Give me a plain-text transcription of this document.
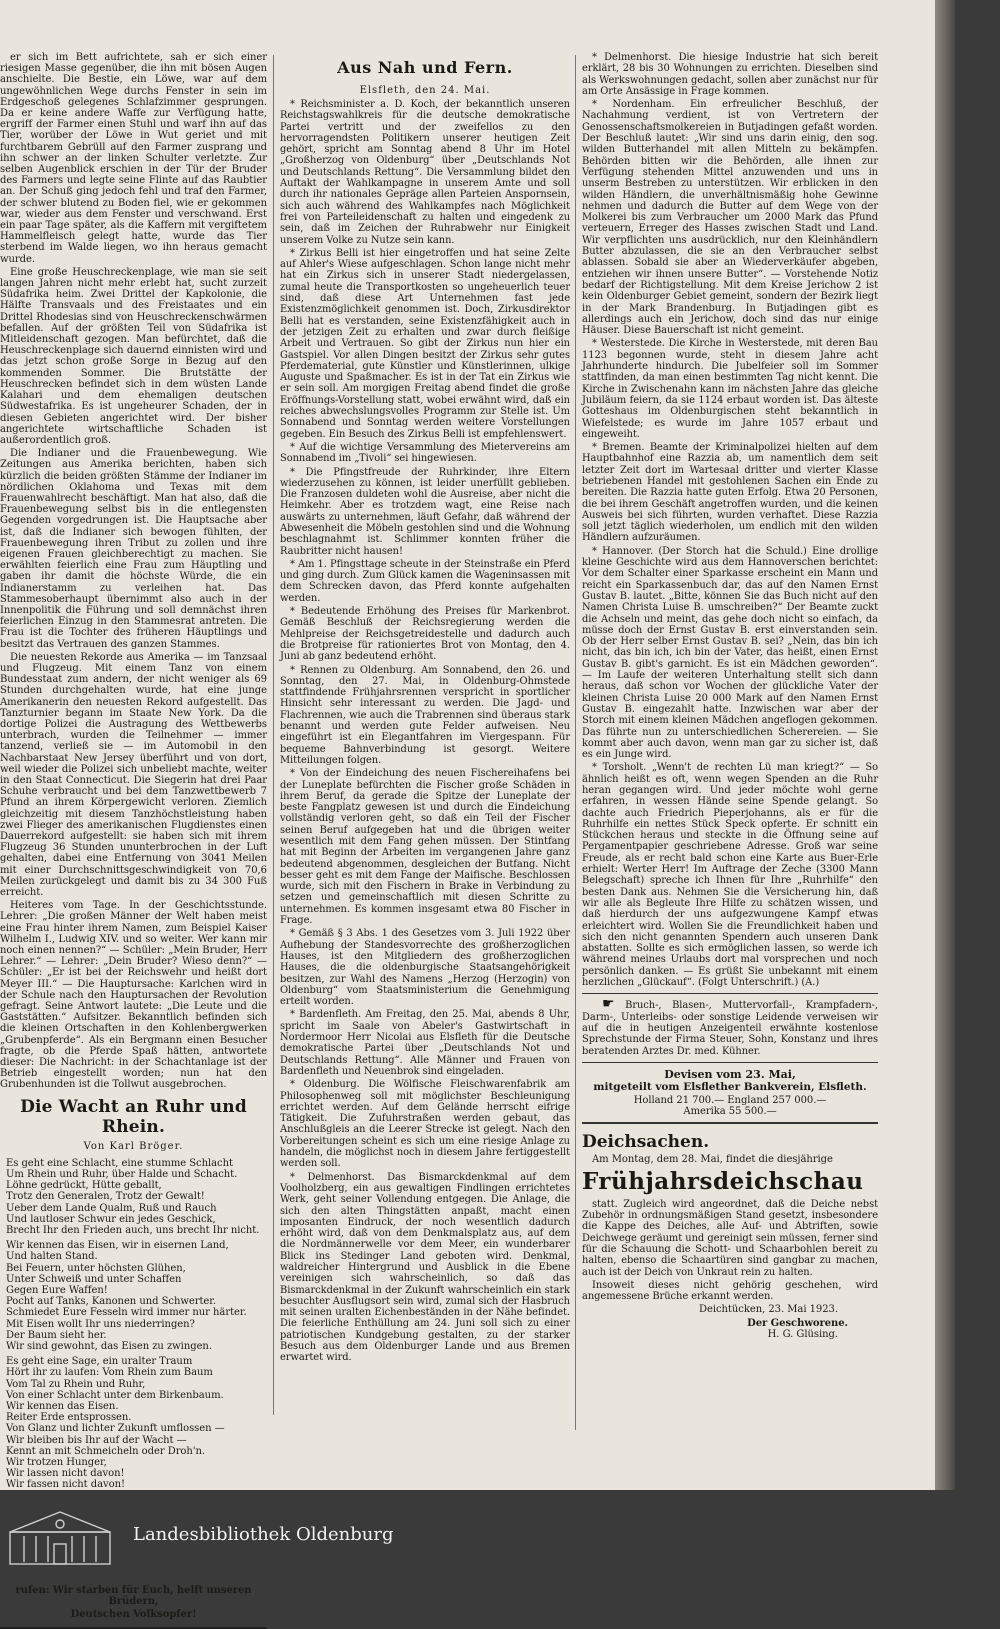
er sich im Bett aufrichtete, sah er sich einer riesigen Masse gegenüber, die ihn mit bösen Augen anschielte. Die Bestie, ein Löwe, war auf dem ungewöhnlichen Wege durchs Fenster in sein im Erdgeschoß gelegenes Schlafzimmer gesprungen. Da er keine andere Waffe zur Verfügung hatte, ergriff der Farmer einen Stuhl und warf ihn auf das Tier, worüber der Löwe in Wut geriet und mit furchtbarem Gebrüll auf den Farmer zusprang und ihn schwer an der linken Schulter verletzte. Zur selben Augenblick erschien in der Tür der Bruder des Farmers und legte seine Flinte auf das Raubtier an. Der Schuß ging jedoch fehl und traf den Farmer, der schwer blutend zu Boden fiel, wie er gekommen war, wieder aus dem Fenster und verschwand. Erst ein paar Tage später, als die Kaffern mit vergiftetem Hammelfleisch gelegt hatte, wurde das Tier sterbend im Walde liegen, wo ihn heraus gemacht wurde.

Eine große Heuschreckenplage, wie man sie seit langen Jahren nicht mehr erlebt hat, sucht zurzeit Südafrika heim. Zwei Drittel der Kapkolonie, die Hälfte Transvaals und des Freistaates und ein Drittel Rhodesias sind von Heuschreckenschwärmen befallen. Auf der größten Teil von Südafrika ist Mitleidenschaft gezogen. Man befürchtet, daß die Heuschreckenplage sich dauernd einnisten wird und das jetzt schon große Sorge in Bezug auf den kommenden Sommer. Die Brutstätte der Heuschrecken befindet sich in dem wüsten Lande Kalahari und dem ehemaligen deutschen Südwestafrika. Es ist ungeheurer Schaden, der in diesen Gebieten angerichtet wird. Der bisher angerichtete wirtschaftliche Schaden ist außerordentlich groß.

Die Indianer und die Frauenbewegung. Wie Zeitungen aus Amerika berichten, haben sich kürzlich die beiden größten Stämme der Indianer im nördlichen Oklahoma und Texas mit dem Frauenwahlrecht beschäftigt. Man hat also, daß die Frauenbewegung selbst bis in die entlegensten Gegenden vorgedrungen ist. Die Hauptsache aber ist, daß die Indianer sich bewogen fühlten, der Frauenbewegung ihren Tribut zu zollen und ihre eigenen Frauen gleichberechtigt zu machen. Sie erwählten feierlich eine Frau zum Häuptling und gaben ihr damit die höchste Würde, die ein Indianerstamm zu verleihen hat. Das Stammesoberhaupt übernimmt also auch in der Innenpolitik die Führung und soll demnächst ihren feierlichen Einzug in den Stammesrat antreten. Die Frau ist die Tochter des früheren Häuptlings und besitzt das Vertrauen des ganzen Stammes.

Die neuesten Rekorde aus Amerika — im Tanzsaal und Flugzeug. Mit einem Tanz von einem Bundesstaat zum andern, der nicht weniger als 69 Stunden durchgehalten wurde, hat eine junge Amerikanerin den neuesten Rekord aufgestellt. Das Tanzturnier begann im Staate New York. Da die dortige Polizei die Austragung des Wettbewerbs unterbrach, wurden die Teilnehmer — immer tanzend, verließ sie — im Automobil in den Nachbarstaat New Jersey überführt und von dort, weil wieder die Polizei sich unbeliebt machte, weiter in den Staat Connecticut. Die Siegerin hat drei Paar Schuhe verbraucht und bei dem Tanzwettbewerb 7 Pfund an ihrem Körpergewicht verloren. Ziemlich gleichzeitig mit diesem Tanzhöchstleistung haben zwei Flieger des amerikanischen Flugdienstes einen Dauerrekord aufgestellt: sie haben sich mit ihrem Flugzeug 36 Stunden ununterbrochen in der Luft gehalten, dabei eine Entfernung von 3041 Meilen mit einer Durchschnittsgeschwindigkeit von 70,6 Meilen zurückgelegt und damit bis zu 34 300 Fuß erreicht.

Heiteres vom Tage. In der Geschichtsstunde. Lehrer: „Die großen Männer der Welt haben meist eine Frau hinter ihrem Namen, zum Beispiel Kaiser Wilhelm I., Ludwig XIV. und so weiter. Wer kann mir noch einen nennen?“ — Schüler: „Mein Bruder, Herr Lehrer.“ — Lehrer: „Dein Bruder? Wieso denn?“ — Schüler: „Er ist bei der Reichswehr und heißt dort Meyer III.“ — Die Hauptursache: Karlchen wird in der Schule nach den Hauptursachen der Revolution gefragt. Seine Antwort lautete: „Die Leute und die Gaststätten.“ Aufsitzer. Bekanntlich befinden sich die kleinen Ortschaften in den Kohlenbergwerken „Grubenpferde“. Als ein Bergmann einen Besucher fragte, ob die Pferde Spaß hätten, antwortete dieser: Die Nachricht: in der Schachtanlage ist der Betrieb eingestellt worden; nun hat den Grubenhunden ist die Tollwut ausgebrochen.

Die Wacht an Ruhr und Rhein.
Von Karl Bröger.

Es geht eine Schlacht, eine stumme Schlacht

Um Rhein und Ruhr, über Halde und Schacht.

Löhne gedrückt, Hütte geballt,

Trotz den Generalen, Trotz der Gewalt!

Ueber dem Lande Qualm, Ruß und Rauch

Und lautloser Schwur ein jedes Geschick,

Brecht Ihr den Frieden auch, uns brecht Ihr nicht.

Wir kennen das Eisen, wir in eisernen Land,

Und halten Stand.

Bei Feuern, unter höchsten Glühen,

Unter Schweiß und unter Schaffen

Gegen Eure Waffen!

Pocht auf Tanks, Kanonen und Schwerter.

Schmiedet Eure Fesseln wird immer nur härter.

Mit Eisen wollt Ihr uns niederringen?

Der Baum sieht her.

Wir sind gewohnt, das Eisen zu zwingen.

Es geht eine Sage, ein uralter Traum

Hört ihr zu laufen: Vom Rhein zum Baum

Vom Tal zu Rhein und Ruhr,

Von einer Schlacht unter dem Birkenbaum.

Wir kennen das Eisen.

Reiter Erde entsprossen.

Von Glanz und lichter Zukunft umflossen —

Wir bleiben bis Ihr auf der Wacht —

Kennt an mit Schmeicheln oder Droh'n.

Wir trotzen Hunger,

Wir lassen nicht davon!

Wir fassen nicht davon!

rufen: Wir starben für Euch, helft unseren Brüdern,

Deutschen Volksopfer!

Aus Nah und Fern.
Elsfleth, den 24. Mai.

* Reichsminister a. D. Koch, der bekanntlich unseren Reichstagswahlkreis für die deutsche demokratische Partei vertritt und der zweifellos zu den hervorragendsten Politikern unserer heutigen Zeit gehört, spricht am Sonntag abend 8 Uhr im Hotel „Großherzog von Oldenburg“ über „Deutschlands Not und Deutschlands Rettung“. Die Versammlung bildet den Auftakt der Wahlkampagne in unserem Amte und soll durch ihr nationales Gepräge allen Parteien Anspornsein, sich auch während des Wahlkampfes nach Möglichkeit frei von Parteileidenschaft zu halten und eingedenk zu sein, daß im Zeichen der Ruhrabwehr nur Einigkeit unserem Volke zu Nutze sein kann.

* Zirkus Belli ist hier eingetroffen und hat seine Zelte auf Ahler's Wiese aufgeschlagen. Schon lange nicht mehr hat ein Zirkus sich in unserer Stadt niedergelassen, zumal heute die Transportkosten so ungeheuerlich teuer sind, daß diese Art Unternehmen fast jede Existenzmöglichkeit genommen ist. Doch, Zirkusdirektor Belli hat es verstanden, seine Existenzfähigkeit auch in der jetzigen Zeit zu erhalten und zwar durch fleißige Arbeit und Vertrauen. So gibt der Zirkus nun hier ein Gastspiel. Vor allen Dingen besitzt der Zirkus sehr gutes Pferdematerial, gute Künstler und Künstlerinnen, ulkige Auguste und Spaßmacher. Es ist in der Tat ein Zirkus wie er sein soll. Am morgigen Freitag abend findet die große Eröffnungs-Vorstellung statt, wobei erwähnt wird, daß ein reiches abwechslungsvolles Programm zur Stelle ist. Um Sonnabend und Sonntag werden weitere Vorstellungen gegeben. Ein Besuch des Zirkus Belli ist empfehlenswert.

* Auf die wichtige Versammlung des Mietervereins am Sonnabend im „Tivoli“ sei hingewiesen.

* Die Pfingstfreude der Ruhrkinder, ihre Eltern wiederzusehen zu können, ist leider unerfüllt geblieben. Die Franzosen duldeten wohl die Ausreise, aber nicht die Heimkehr. Aber es trotzdem wagt, eine Reise nach auswärts zu unternehmen, läuft Gefahr, daß während der Abwesenheit die Möbeln gestohlen sind und die Wohnung beschlagnahmt ist. Schlimmer konnten früher die Raubritter nicht hausen!

* Am 1. Pfingsttage scheute in der Steinstraße ein Pferd und ging durch. Zum Glück kamen die Wageninsassen mit dem Schrecken davon, das Pferd konnte aufgehalten werden.

* Bedeutende Erhöhung des Preises für Markenbrot. Gemäß Beschluß der Reichsregierung werden die Mehlpreise der Reichsgetreidestelle und dadurch auch die Brotpreise für rationiertes Brot von Montag, den 4. Juni ab ganz bedeutend erhöht.

* Rennen zu Oldenburg. Am Sonnabend, den 26. und Sonntag, den 27. Mai, in Oldenburg-Ohmstede stattfindende Frühjahrsrennen verspricht in sportlicher Hinsicht sehr interessant zu werden. Die Jagd- und Flachrennen, wie auch die Trabrennen sind überaus stark benannt und werden gute Felder aufweisen. Neu eingeführt ist ein Elegantfahren im Viergespann. Für bequeme Bahnverbindung ist gesorgt. Weitere Mitteilungen folgen.

* Von der Eindeichung des neuen Fischereihafens bei der Luneplate befürchten die Fischer große Schäden in ihrem Beruf, da gerade die Spitze der Luneplate der beste Fangplatz gewesen ist und durch die Eindeichung vollständig verloren geht, so daß ein Teil der Fischer seinen Beruf aufgegeben hat und die übrigen weiter wesentlich mit dem Fang gehen müssen. Der Stintfang hat mit Beginn der Arbeiten im vergangenen Jahre ganz bedeutend abgenommen, desgleichen der Butfang. Nicht besser geht es mit dem Fange der Maifische. Beschlossen wurde, sich mit den Fischern in Brake in Verbindung zu setzen und gemeinschaftlich mit diesen Schritte zu unternehmen. Es kommen insgesamt etwa 80 Fischer in Frage.

* Gemäß § 3 Abs. 1 des Gesetzes vom 3. Juli 1922 über Aufhebung der Standesvorrechte des großherzoglichen Hauses, ist den Mitgliedern des großherzoglichen Hauses, die die oldenburgische Staatsangehörigkeit besitzen, zur Wahl des Namens „Herzog (Herzogin) von Oldenburg“ vom Staatsministerium die Genehmigung erteilt worden.

* Bardenfleth. Am Freitag, den 25. Mai, abends 8 Uhr, spricht im Saale von Abeler's Gastwirtschaft in Nordermoor Herr Nicolai aus Elsfleth für die Deutsche demokratische Partei über „Deutschlands Not und Deutschlands Rettung“. Alle Männer und Frauen von Bardenfleth und Neuenbrok sind eingeladen.

* Oldenburg. Die Wölfische Fleischwarenfabrik am Philosophenweg soll mit möglichster Beschleunigung errichtet werden. Auf dem Gelände herrscht eifrige Tätigkeit. Die Zufuhrstraßen werden gebaut, das Anschlußgleis an die Leerer Strecke ist gelegt. Nach den Vorbereitungen scheint es sich um eine riesige Anlage zu handeln, die möglichst noch in diesem Jahre fertiggestellt werden soll.

* Delmenhorst. Das Bismarckdenkmal auf dem Voolholzberg, ein aus gewaltigen Findlingen errichtetes Werk, geht seiner Vollendung entgegen. Die Anlage, die sich den alten Thingstätten anpaßt, macht einen imposanten Eindruck, der noch wesentlich dadurch erhöht wird, daß von dem Denkmalsplatz aus, auf dem die Nordmännerwelle vor dem Meer, ein wunderbarer Blick ins Stedinger Land geboten wird. Denkmal, waldreicher Hintergrund und Ausblick in die Ebene vereinigen sich wahrscheinlich, so daß das Bismarckdenkmal in der Zukunft wahrscheinlich ein stark besuchter Ausflugsort sein wird, zumal sich der Hasbruch mit seinen uralten Eichenbeständen in der Nähe befindet. Die feierliche Enthüllung am 24. Juni soll sich zu einer patriotischen Kundgebung gestalten, zu der starker Besuch aus dem Oldenburger Lande und aus Bremen erwartet wird.

* Delmenhorst. Die hiesige Industrie hat sich bereit erklärt, 28 bis 30 Wohnungen zu errichten. Dieselben sind als Werkswohnungen gedacht, sollen aber zunächst nur für am Orte Ansässige in Frage kommen.

* Nordenham. Ein erfreulicher Beschluß, der Nachahmung verdient, ist von Vertretern der Genossenschaftsmolkereien in Butjadingen gefaßt worden. Der Beschluß lautet: „Wir sind uns darin einig, den sog. wilden Butterhandel mit allen Mitteln zu bekämpfen. Behörden bitten wir die Behörden, alle ihnen zur Verfügung stehenden Mittel anzuwenden und uns in unserm Bestreben zu unterstützen. Wir erblicken in den wilden Händlern, die unverhältnismäßig hohe Gewinne nehmen und dadurch die Butter auf dem Wege von der Molkerei bis zum Verbraucher um 2000 Mark das Pfund verteuern, Erreger des Hasses zwischen Stadt und Land. Wir verpflichten uns ausdrücklich, nur den Kleinhändlern Butter abzulassen, die sie an den Verbraucher selbst ablassen. Sobald sie aber an Wiederverkäufer abgeben, entziehen wir ihnen unsere Butter“. — Vorstehende Notiz bedarf der Richtigstellung. Mit dem Kreise Jerichow 2 ist kein Oldenburger Gebiet gemeint, sondern der Bezirk liegt in der Mark Brandenburg. In Butjadingen gibt es allerdings auch ein Jerichow, doch sind das nur einige Häuser. Diese Bauerschaft ist nicht gemeint.

* Westerstede. Die Kirche in Westerstede, mit deren Bau 1123 begonnen wurde, steht in diesem Jahre acht Jahrhunderte hindurch. Die Jubelfeier soll im Sommer stattfinden, da man einen bestimmten Tag nicht kennt. Die Kirche in Zwischenahn kann im nächsten Jahre das gleiche Jubiläum feiern, da sie 1124 erbaut worden ist. Das älteste Gotteshaus im Oldenburgischen steht bekanntlich in Wiefelstede; es wurde im Jahre 1057 erbaut und eingeweiht.

* Bremen. Beamte der Kriminalpolizei hielten auf dem Hauptbahnhof eine Razzia ab, um namentlich dem seit letzter Zeit dort im Wartesaal dritter und vierter Klasse betriebenen Handel mit gestohlenen Sachen ein Ende zu bereiten. Die Razzia hatte guten Erfolg. Etwa 20 Personen, die bei ihrem Geschäft angetroffen wurden, und die keinen Ausweis bei sich führten, wurden verhaftet. Diese Razzia soll jetzt täglich wiederholen, um endlich mit den wilden Händlern aufzuräumen.

* Hannover. (Der Storch hat die Schuld.) Eine drollige kleine Geschichte wird aus dem Hannoverschen berichtet: Vor dem Schalter einer Sparkasse erscheint ein Mann und reicht ein Sparkassenbuch dar, das auf den Namen Ernst Gustav B. lautet. „Bitte, können Sie das Buch nicht auf den Namen Christa Luise B. umschreiben?“ Der Beamte zuckt die Achseln und meint, das gehe doch nicht so einfach, da müsse doch der Ernst Gustav B. erst einverstanden sein. Ob der Herr selber Ernst Gustav B. sei? „Nein, das bin ich nicht, das bin ich, ich bin der Vater, das heißt, einen Ernst Gustav B. gibt's garnicht. Es ist ein Mädchen geworden“. — Im Laufe der weiteren Unterhaltung stellt sich dann heraus, daß schon vor Wochen der glückliche Vater der kleinen Christa Luise 20 000 Mark auf den Namen Ernst Gustav B. eingezahlt hatte. Inzwischen war aber der Storch mit einem kleinen Mädchen angeflogen gekommen. Das führte nun zu unterschiedlichen Scherereien. — Sie kommt aber auch davon, wenn man gar zu sicher ist, daß es ein Junge wird.

* Torsholt. „Wenn't de rechten Lü man kriegt?“ — So ähnlich heißt es oft, wenn wegen Spenden an die Ruhr heran gegangen wird. Und jeder möchte wohl gerne erfahren, in wessen Hände seine Spende gelangt. So dachte auch Friedrich Pieperjohanns, als er für die Ruhrhilfe ein nettes Stück Speck opferte. Er schnitt ein Stückchen heraus und steckte in die Öffnung seine auf Pergamentpapier geschriebene Adresse. Groß war seine Freude, als er recht bald schon eine Karte aus Buer-Erle erhielt: Werter Herr! Im Auftrage der Zeche (3300 Mann Belegschaft) spreche ich Ihnen für Ihre „Ruhrhilfe“ den besten Dank aus. Nehmen Sie die Versicherung hin, daß wir alle als Begleute Ihre Hilfe zu schätzen wissen, und daß hierdurch der uns aufgezwungene Kampf etwas erleichtert wird. Wollen Sie die Freundlichkeit haben und sich den nicht genannten Spendern auch unseren Dank abstatten. Sollte es sich ermöglichen lassen, so werde ich während meines Urlaubs dort mal vorsprechen und noch persönlich danken. — Es grüßt Sie unbekannt mit einem herzlichen „Glückauf“. (Folgt Unterschrift.) (A.)

☛ Bruch-, Blasen-, Muttervorfall-, Krampfadern-, Darm-, Unterleibs- oder sonstige Leidende verweisen wir auf die in heutigen Anzeigenteil erwähnte kostenlose Sprechstunde der Firma Steuer, Sohn, Konstanz und ihres beratenden Arztes Dr. med. Kühner.

Devisen vom 23. Mai,
mitgeteilt vom Elsflether Bankverein, Elsfleth.

Holland 21 700.— England 257 000.—

Amerika 55 500.—

Deichsachen.

Am Montag, dem 28. Mai, findet die diesjährige

Frühjahrsdeichschau

statt. Zugleich wird angeordnet, daß die Deiche nebst Zubehör in ordnungsmäßigen Stand gesetzt, insbesondere die Kappe des Deiches, alle Auf- und Abtriften, sowie Deichwege geräumt und gereinigt sein müssen, ferner sind für die Schauung die Schott- und Schaarbohlen bereit zu halten, ebenso die Schaartüren sind gangbar zu machen, auch ist der Deich von Unkraut rein zu halten.

Insoweit dieses nicht gehörig geschehen, wird angemessene Brüche erkannt werden.

Deichtücken, 23. Mai 1923.

Der Geschworene.

H. G. Glüsing.

Landesbibliothek Oldenburg
